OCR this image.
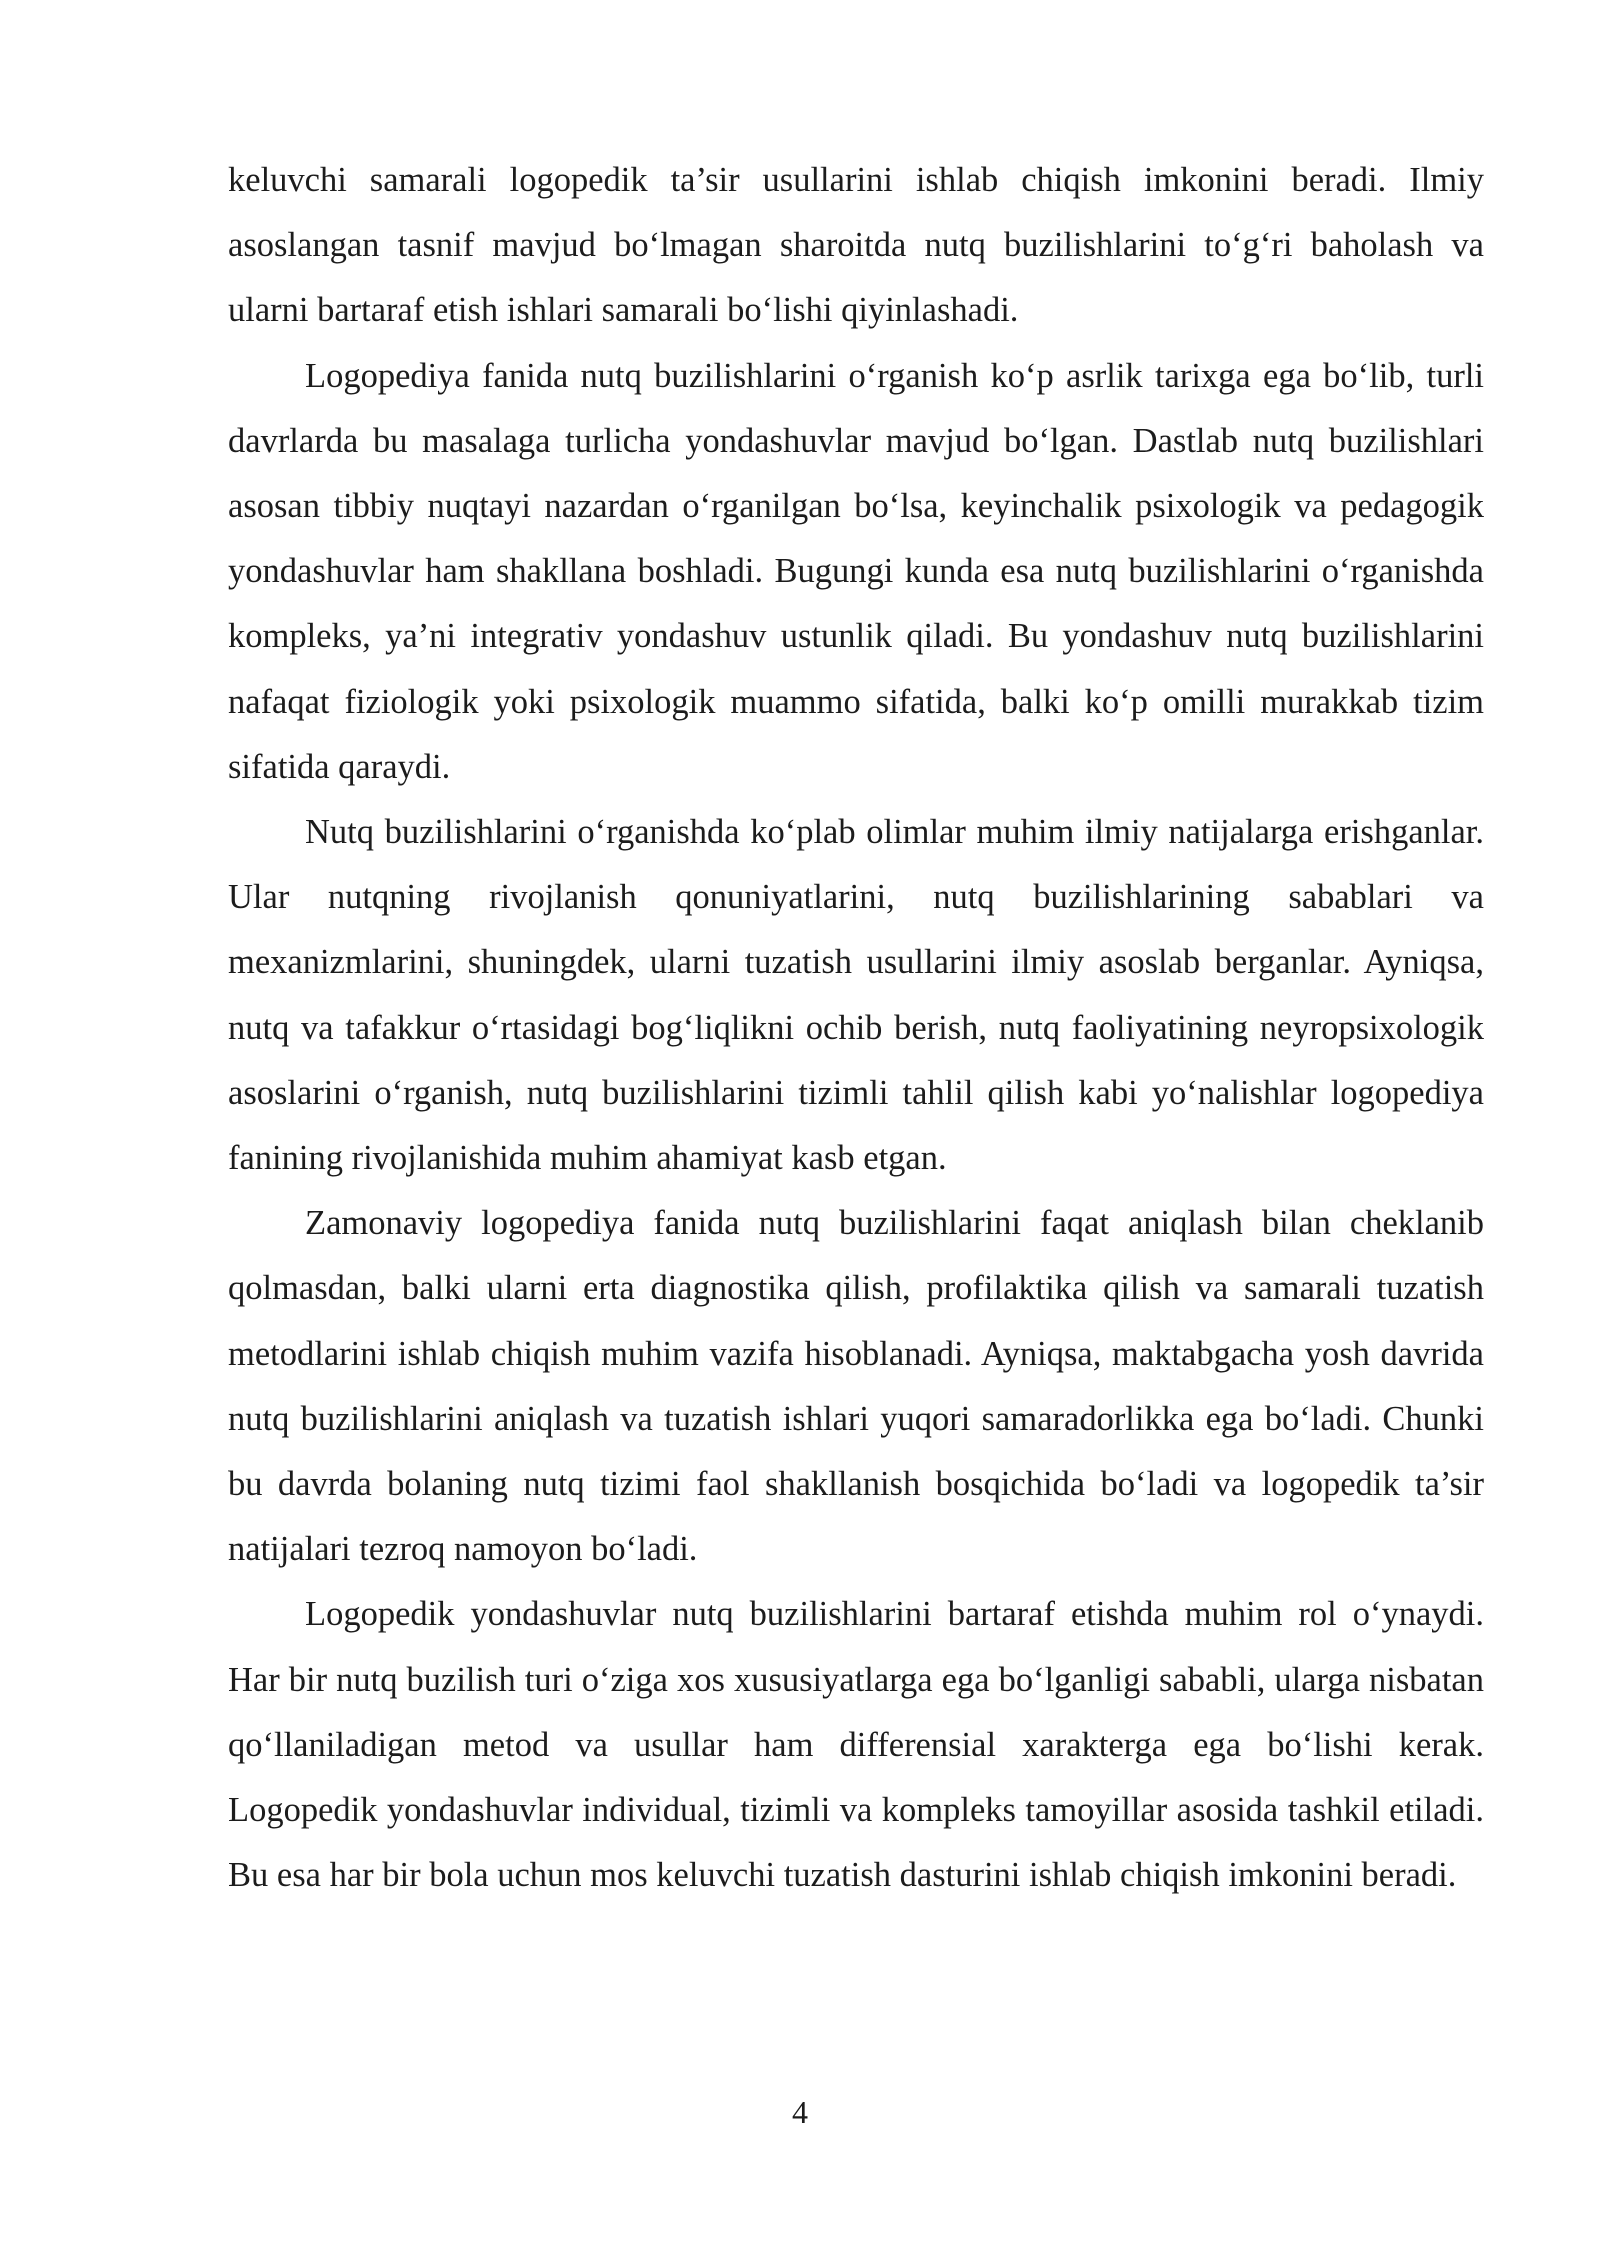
keluvchi samarali logopedik ta’sir usullarini ishlab chiqish imkonini beradi. Ilmiy asoslangan tasnif mavjud bo‘lmagan sharoitda nutq buzilishlarini to‘g‘ri baholash va ularni bartaraf etish ishlari samarali bo‘lishi qiyinlashadi.

Logopediya fanida nutq buzilishlarini o‘rganish ko‘p asrlik tarixga ega bo‘lib, turli davrlarda bu masalaga turlicha yondashuvlar mavjud bo‘lgan. Dastlab nutq buzilishlari asosan tibbiy nuqtayi nazardan o‘rganilgan bo‘lsa, keyinchalik psixologik va pedagogik yondashuvlar ham shakllana boshladi. Bugungi kunda esa nutq buzilishlarini o‘rganishda kompleks, ya’ni integrativ yondashuv ustunlik qiladi. Bu yondashuv nutq buzilishlarini nafaqat fiziologik yoki psixologik muammo sifatida, balki ko‘p omilli murakkab tizim sifatida qaraydi.

Nutq buzilishlarini o‘rganishda ko‘plab olimlar muhim ilmiy natijalarga erishganlar. Ular nutqning rivojlanish qonuniyatlarini, nutq buzilishlarining sabablari va mexanizmlarini, shuningdek, ularni tuzatish usullarini ilmiy asoslab berganlar. Ayniqsa, nutq va tafakkur o‘rtasidagi bog‘liqlikni ochib berish, nutq faoliyatining neyropsixologik asoslarini o‘rganish, nutq buzilishlarini tizimli tahlil qilish kabi yo‘nalishlar logopediya fanining rivojlanishida muhim ahamiyat kasb etgan.

Zamonaviy logopediya fanida nutq buzilishlarini faqat aniqlash bilan cheklanib qolmasdan, balki ularni erta diagnostika qilish, profilaktika qilish va samarali tuzatish metodlarini ishlab chiqish muhim vazifa hisoblanadi. Ayniqsa, maktabgacha yosh davrida nutq buzilishlarini aniqlash va tuzatish ishlari yuqori samaradorlikka ega bo‘ladi. Chunki bu davrda bolaning nutq tizimi faol shakllanish bosqichida bo‘ladi va logopedik ta’sir natijalari tezroq namoyon bo‘ladi.

Logopedik yondashuvlar nutq buzilishlarini bartaraf etishda muhim rol o‘ynaydi. Har bir nutq buzilish turi o‘ziga xos xususiyatlarga ega bo‘lganligi sababli, ularga nisbatan qo‘llaniladigan metod va usullar ham differensial xarakterga ega bo‘lishi kerak. Logopedik yondashuvlar individual, tizimli va kompleks tamoyillar asosida tashkil etiladi. Bu esa har bir bola uchun mos keluvchi tuzatish dasturini ishlab chiqish imkonini beradi.

4
